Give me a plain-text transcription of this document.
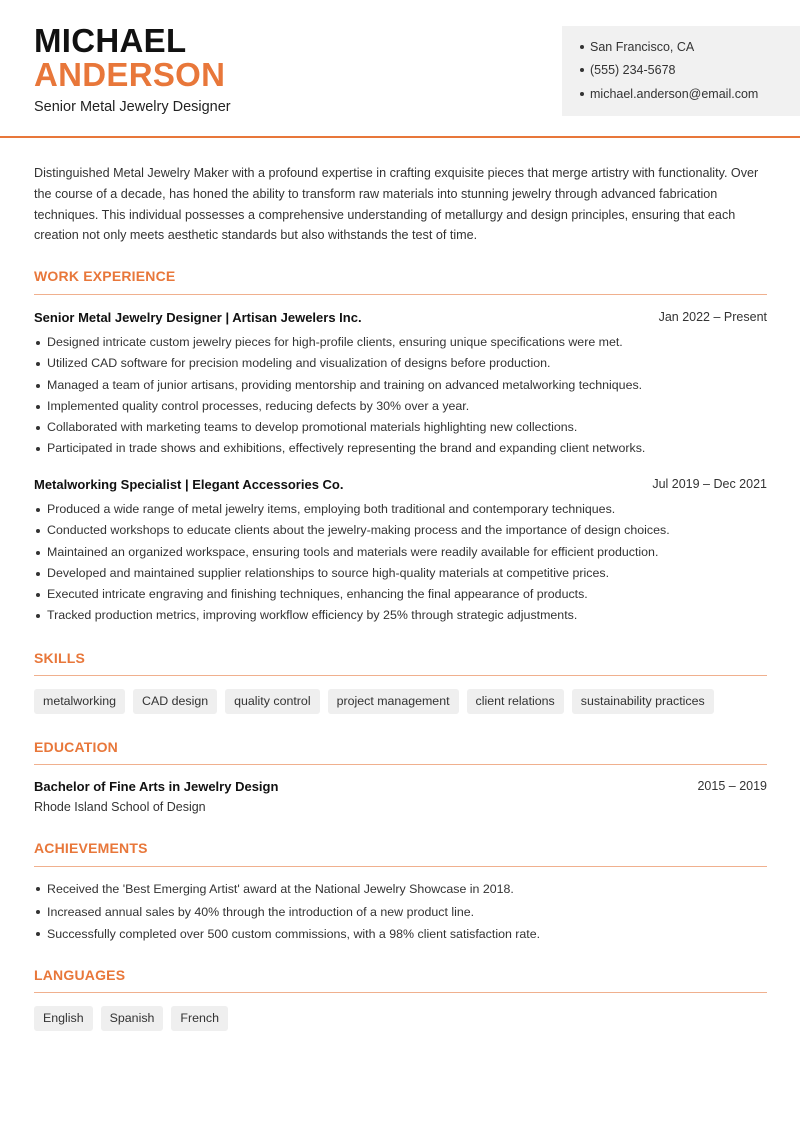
MICHAEL
ANDERSON
Senior Metal Jewelry Designer
San Francisco, CA
(555) 234-5678
michael.anderson@email.com

Distinguished Metal Jewelry Maker with a profound expertise in crafting exquisite pieces that merge artistry with functionality. Over the course of a decade, has honed the ability to transform raw materials into stunning jewelry through advanced fabrication techniques. This individual possesses a comprehensive understanding of metallurgy and design principles, ensuring that each creation not only meets aesthetic standards but also withstands the test of time.

WORK EXPERIENCE
Senior Metal Jewelry Designer | Artisan Jewelers Inc.	Jan 2022 – Present
Designed intricate custom jewelry pieces for high-profile clients, ensuring unique specifications were met.
Utilized CAD software for precision modeling and visualization of designs before production.
Managed a team of junior artisans, providing mentorship and training on advanced metalworking techniques.
Implemented quality control processes, reducing defects by 30% over a year.
Collaborated with marketing teams to develop promotional materials highlighting new collections.
Participated in trade shows and exhibitions, effectively representing the brand and expanding client networks.
Metalworking Specialist | Elegant Accessories Co.	Jul 2019 – Dec 2021
Produced a wide range of metal jewelry items, employing both traditional and contemporary techniques.
Conducted workshops to educate clients about the jewelry-making process and the importance of design choices.
Maintained an organized workspace, ensuring tools and materials were readily available for efficient production.
Developed and maintained supplier relationships to source high-quality materials at competitive prices.
Executed intricate engraving and finishing techniques, enhancing the final appearance of products.
Tracked production metrics, improving workflow efficiency by 25% through strategic adjustments.
SKILLS
metalworking	CAD design	quality control	project management	client relations	sustainability practices
EDUCATION
Bachelor of Fine Arts in Jewelry Design	2015 – 2019
Rhode Island School of Design
ACHIEVEMENTS
Received the 'Best Emerging Artist' award at the National Jewelry Showcase in 2018.
Increased annual sales by 40% through the introduction of a new product line.
Successfully completed over 500 custom commissions, with a 98% client satisfaction rate.
LANGUAGES
English	Spanish	French
